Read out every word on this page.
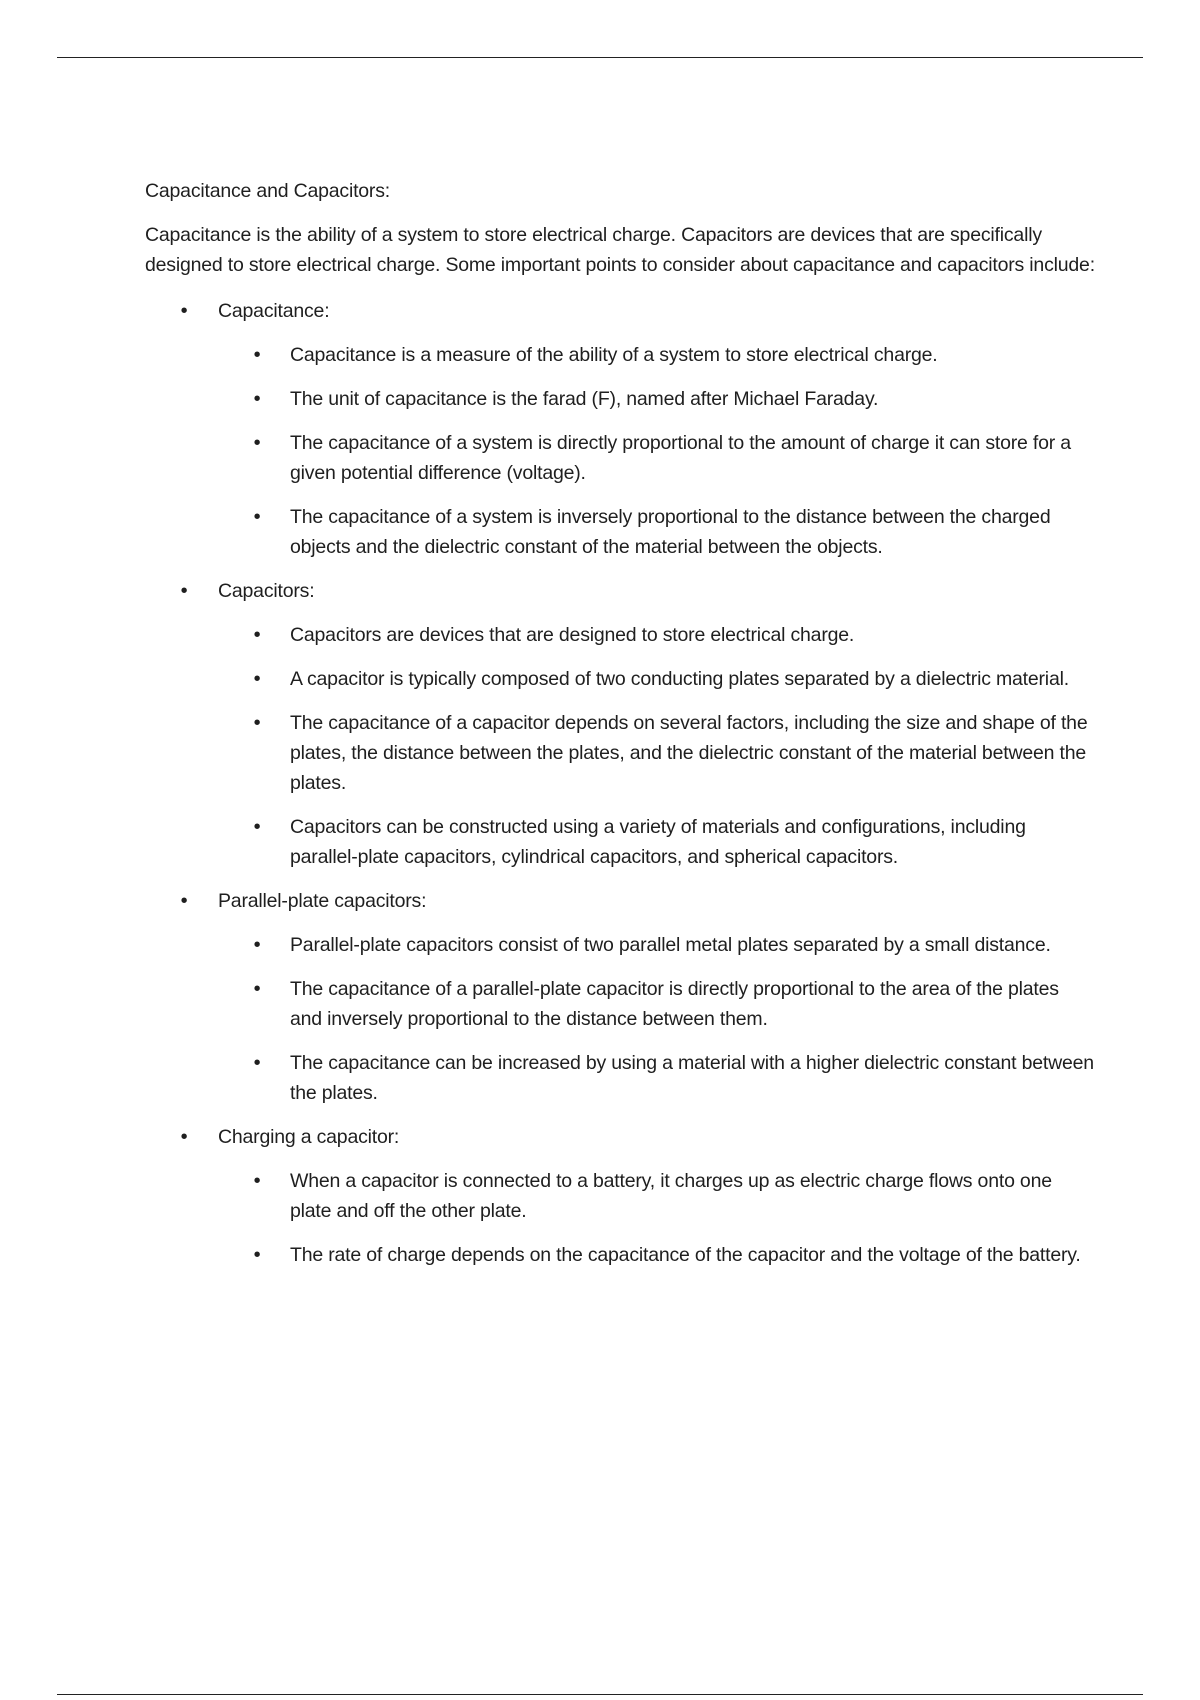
Capacitance and Capacitors:

Capacitance is the ability of a system to store electrical charge. Capacitors are devices that are specifically designed to store electrical charge. Some important points to consider about capacitance and capacitors include:

• Capacitance:
• Capacitance is a measure of the ability of a system to store electrical charge.
• The unit of capacitance is the farad (F), named after Michael Faraday.
• The capacitance of a system is directly proportional to the amount of charge it can store for a given potential difference (voltage).
• The capacitance of a system is inversely proportional to the distance between the charged objects and the dielectric constant of the material between the objects.
• Capacitors:
• Capacitors are devices that are designed to store electrical charge.
• A capacitor is typically composed of two conducting plates separated by a dielectric material.
• The capacitance of a capacitor depends on several factors, including the size and shape of the plates, the distance between the plates, and the dielectric constant of the material between the plates.
• Capacitors can be constructed using a variety of materials and configurations, including parallel-plate capacitors, cylindrical capacitors, and spherical capacitors.
• Parallel-plate capacitors:
• Parallel-plate capacitors consist of two parallel metal plates separated by a small distance.
• The capacitance of a parallel-plate capacitor is directly proportional to the area of the plates and inversely proportional to the distance between them.
• The capacitance can be increased by using a material with a higher dielectric constant between the plates.
• Charging a capacitor:
• When a capacitor is connected to a battery, it charges up as electric charge flows onto one plate and off the other plate.
• The rate of charge depends on the capacitance of the capacitor and the voltage of the battery.
